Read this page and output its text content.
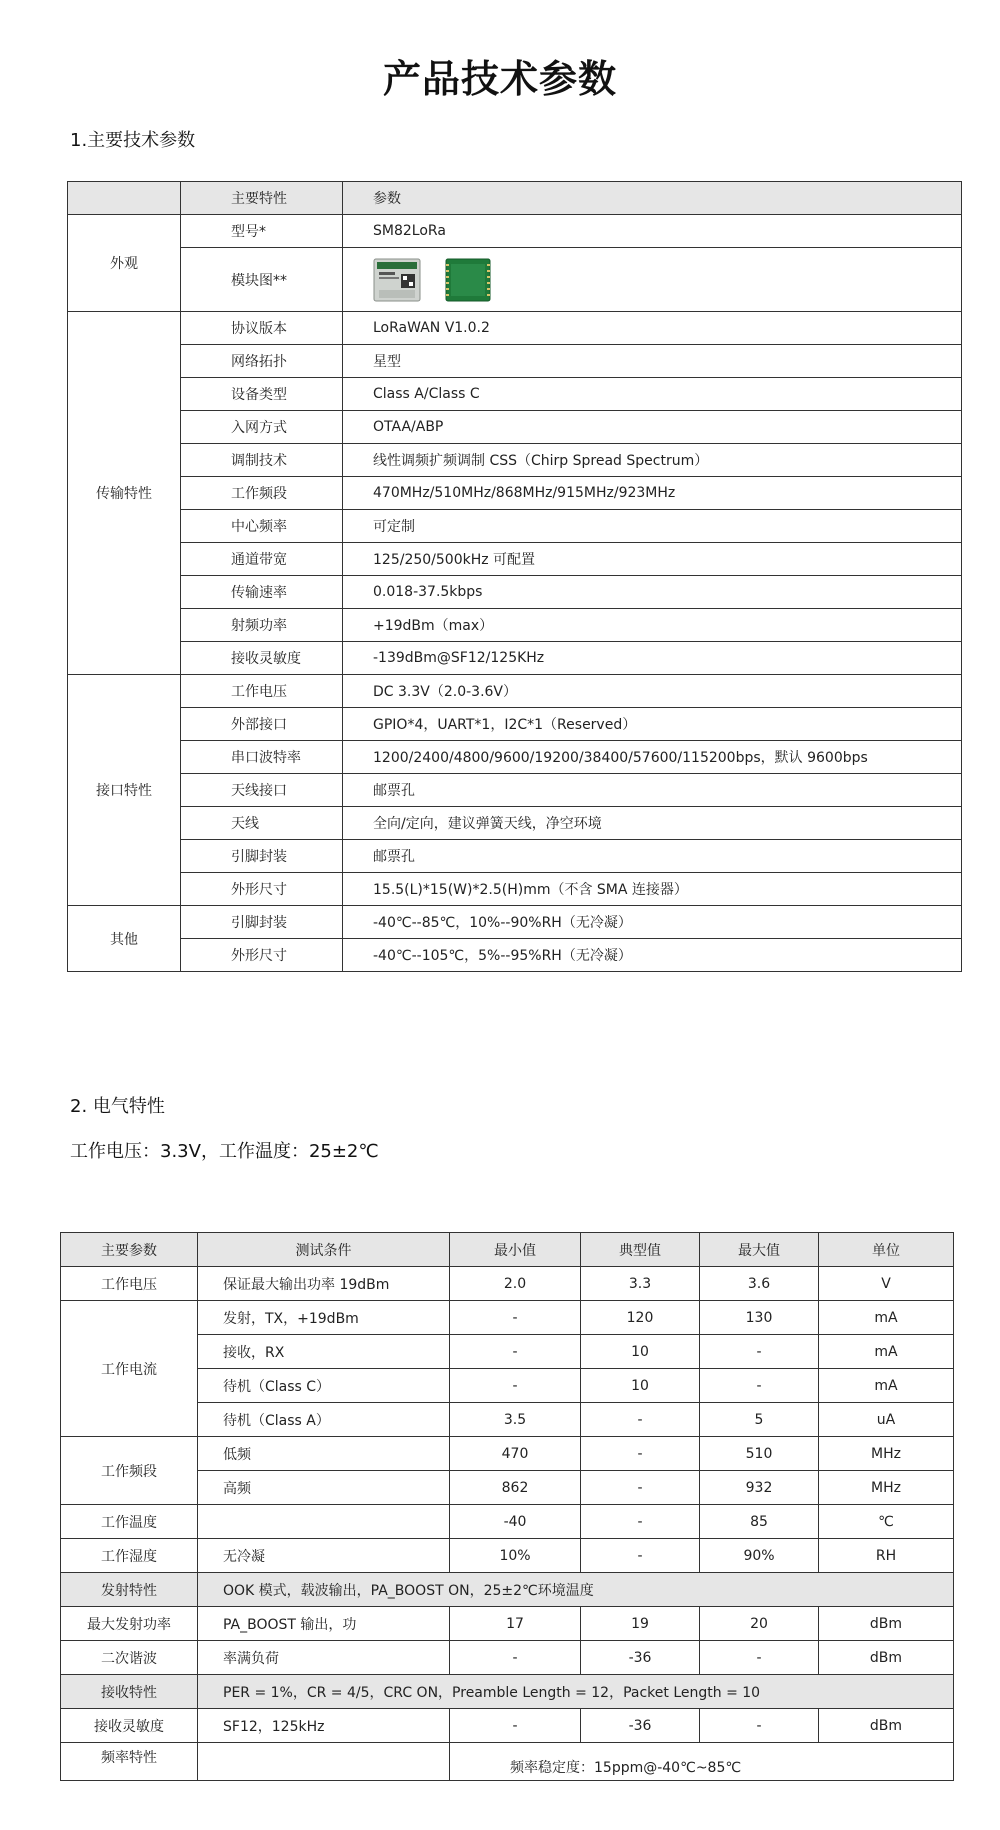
产品技术参数
1.主要技术参数
	主要特性	参数
外观	型号*	SM82LoRa
	模块图**	
传输特性	协议版本	LoRaWAN V1.0.2
	网络拓扑	星型
	设备类型	Class A/Class C
	入网方式	OTAA/ABP
	调制技术	线性调频扩频调制 CSS（Chirp Spread Spectrum）
	工作频段	470MHz/510MHz/868MHz/915MHz/923MHz
	中心频率	可定制
	通道带宽	125/250/500kHz 可配置
	传输速率	0.018-37.5kbps
	射频功率	+19dBm（max）
	接收灵敏度	-139dBm@SF12/125KHz
接口特性	工作电压	DC 3.3V（2.0-3.6V）
	外部接口	GPIO*4，UART*1，I2C*1（Reserved）
	串口波特率	1200/2400/4800/9600/19200/38400/57600/115200bps，默认 9600bps
	天线接口	邮票孔
	天线	全向/定向，建议弹簧天线，净空环境
	引脚封装	邮票孔
	外形尺寸	15.5(L)*15(W)*2.5(H)mm（不含 SMA 连接器）
其他	引脚封装	-40℃--85℃，10%--90%RH（无冷凝）
	外形尺寸	-40℃--105℃，5%--95%RH（无冷凝）
2. 电气特性
工作电压：3.3V，工作温度：25±2℃
主要参数	测试条件	最小值	典型值	最大值	单位
工作电压	保证最大输出功率 19dBm	2.0	3.3	3.6	V
工作电流	发射，TX，+19dBm	-	120	130	mA
	接收，RX	-	10	-	mA
	待机（Class C）	-	10	-	mA
	待机（Class A）	3.5	-	5	uA
工作频段	低频	470	-	510	MHz
	高频	862	-	932	MHz
工作温度		-40	-	85	℃
工作湿度	无冷凝	10%	-	90%	RH
发射特性	OOK 模式，载波输出，PA_BOOST ON，25±2℃环境温度				
最大发射功率	PA_BOOST 输出，功	17	19	20	dBm
二次谐波	率满负荷	-	-36	-	dBm
接收特性	PER = 1%，CR = 4/5，CRC ON，Preamble Length = 12，Packet Length = 10				
接收灵敏度	SF12，125kHz	-	-36	-	dBm
频率特性		频率稳定度：15ppm@-40℃~85℃			
